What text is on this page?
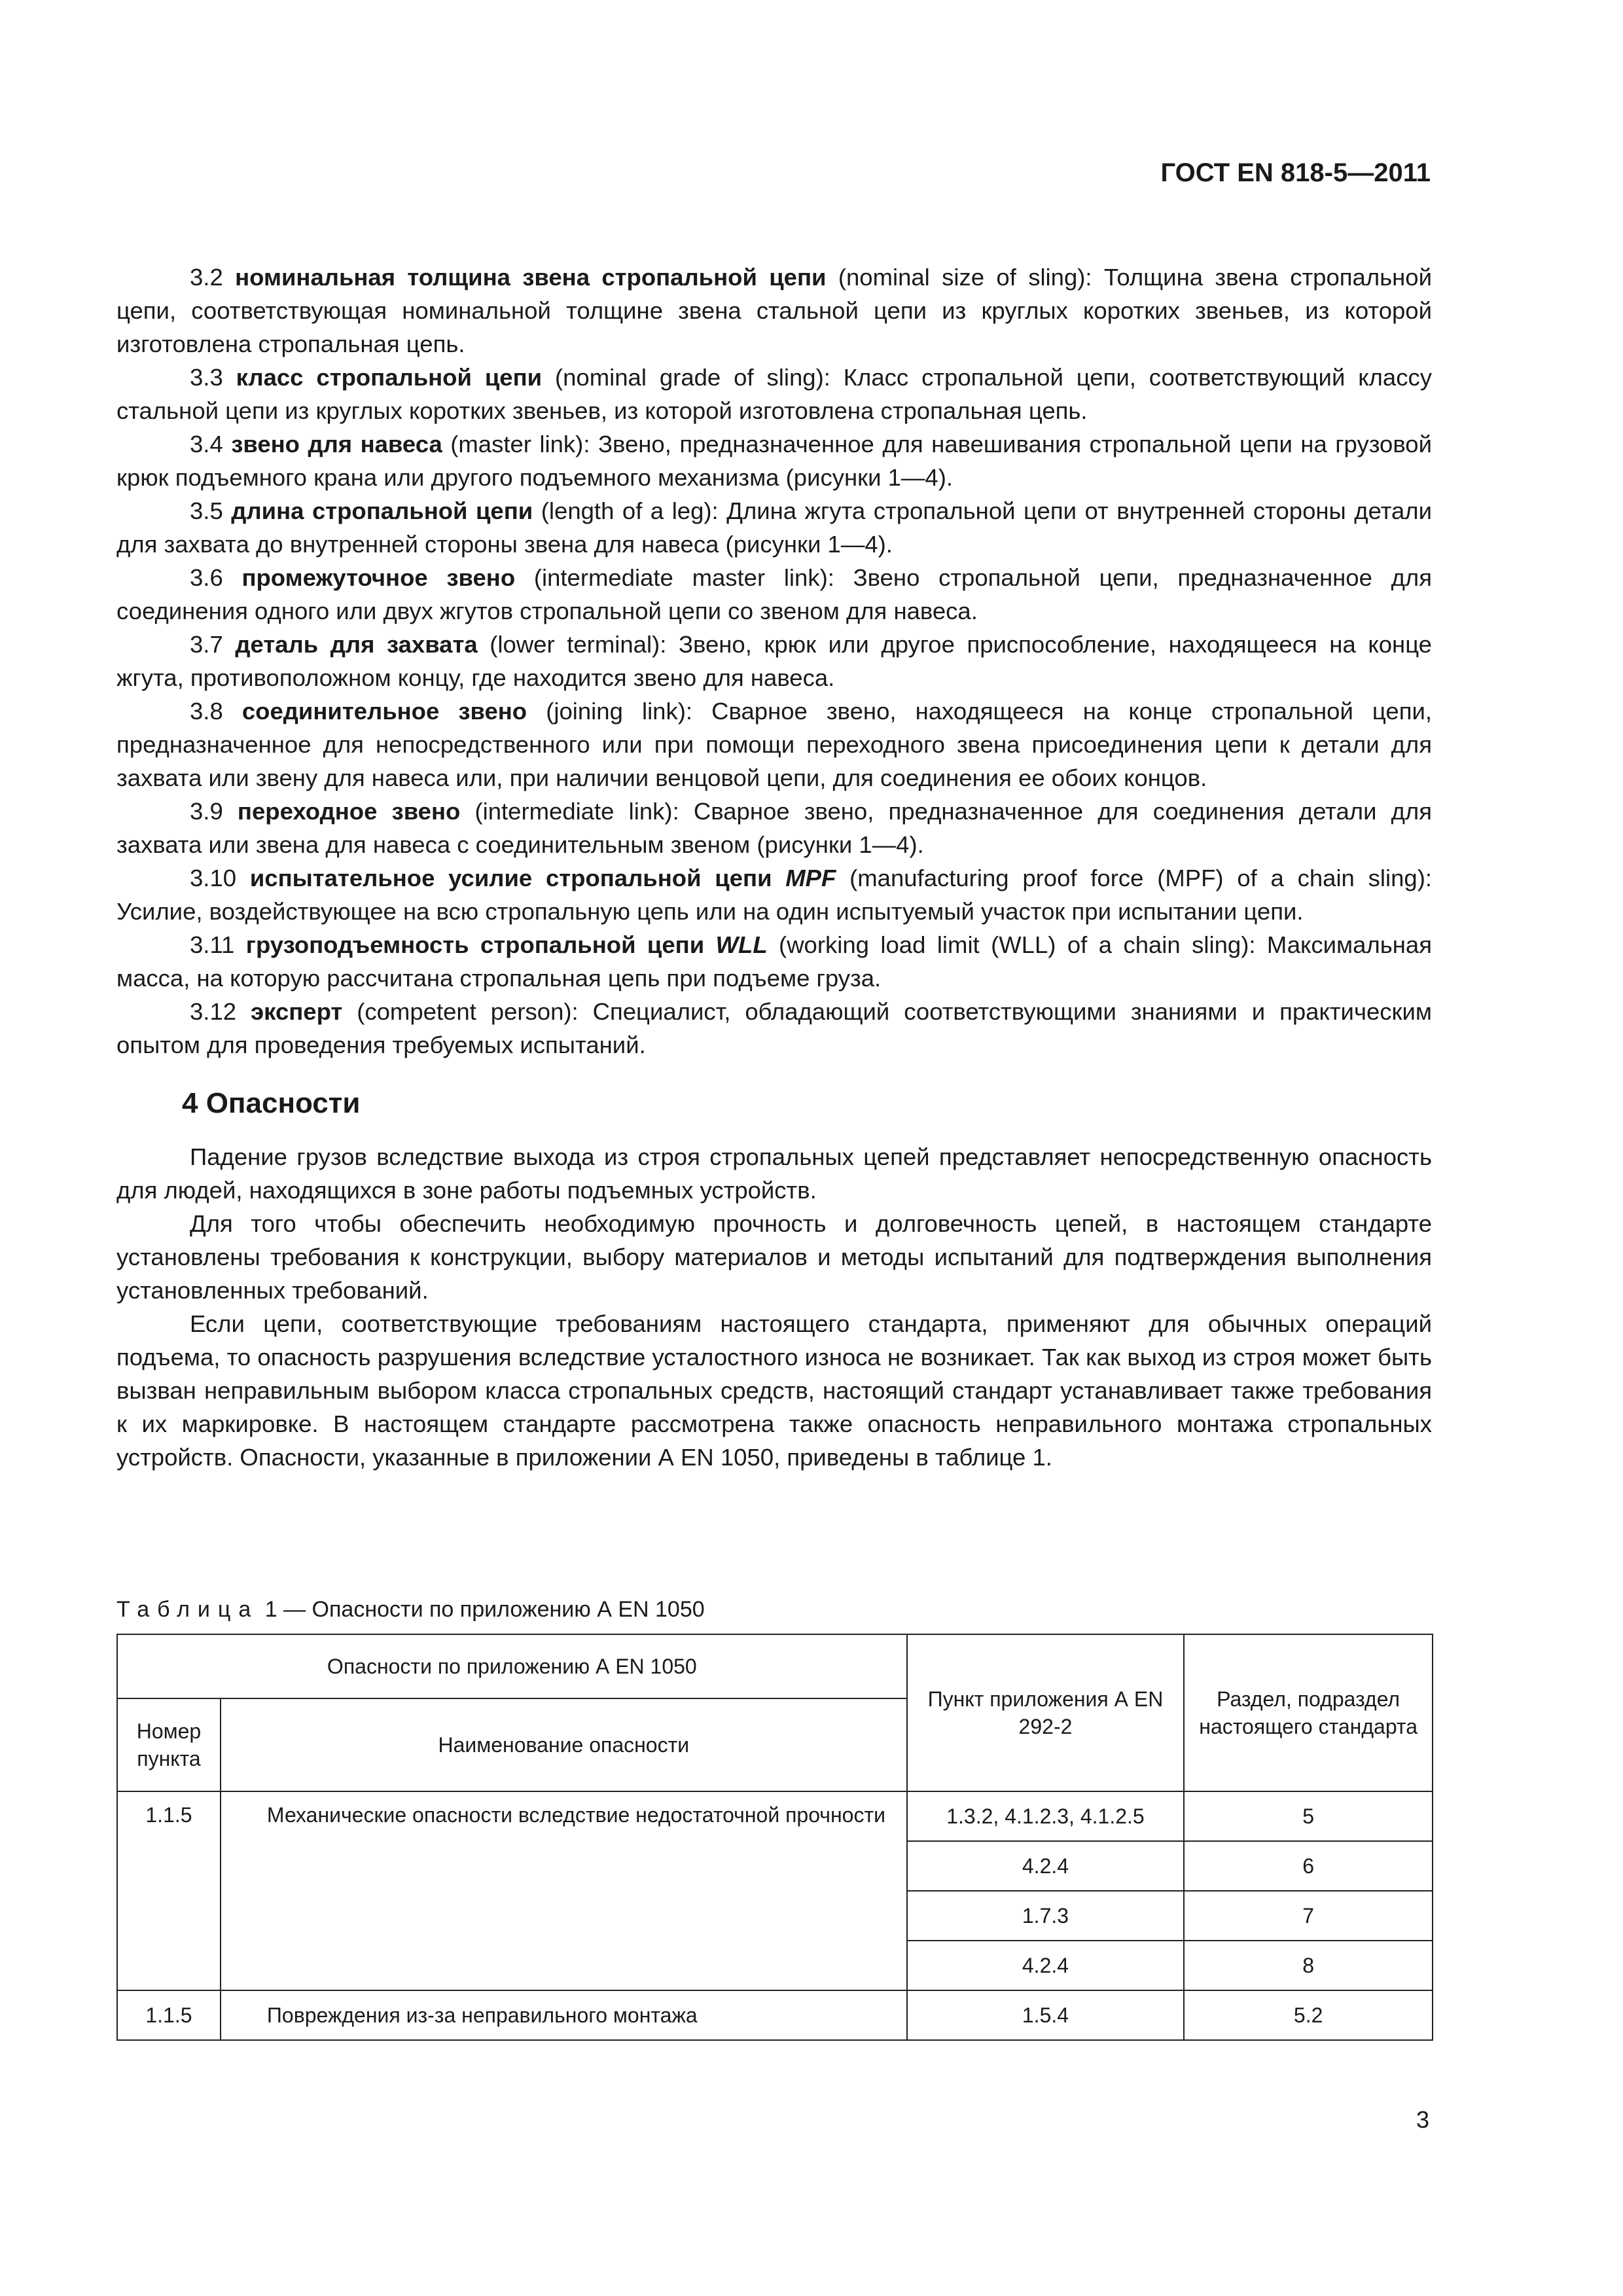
ГОСТ EN 818-5—2011

3.2 номинальная толщина звена стропальной цепи (nominal size of sling): Толщина звена стропальной цепи, соответствующая номинальной толщине звена стальной цепи из круглых коротких звеньев, из которой изготовлена стропальная цепь.

3.3 класс стропальной цепи (nominal grade of sling): Класс стропальной цепи, соответствующий классу стальной цепи из круглых коротких звеньев, из которой изготовлена стропальная цепь.

3.4 звено для навеса (master link): Звено, предназначенное для навешивания стропальной цепи на грузовой крюк подъемного крана или другого подъемного механизма (рисунки 1—4).

3.5 длина стропальной цепи (length of a leg): Длина жгута стропальной цепи от внутренней стороны детали для захвата до внутренней стороны звена для навеса (рисунки 1—4).

3.6 промежуточное звено (intermediate master link): Звено стропальной цепи, предназначенное для соединения одного или двух жгутов стропальной цепи со звеном для навеса.

3.7 деталь для захвата (lower terminal): Звено, крюк или другое приспособление, находящееся на конце жгута, противоположном концу, где находится звено для навеса.

3.8 соединительное звено (joining link): Сварное звено, находящееся на конце стропальной цепи, предназначенное для непосредственного или при помощи переходного звена присоединения цепи к детали для захвата или звену для навеса или, при наличии венцовой цепи, для соединения ее обоих концов.

3.9 переходное звено (intermediate link): Сварное звено, предназначенное для соединения детали для захвата или звена для навеса с соединительным звеном (рисунки 1—4).

3.10 испытательное усилие стропальной цепи MPF (manufacturing proof force (MPF) of a chain sling): Усилие, воздействующее на всю стропальную цепь или на один испытуемый участок при испытании цепи.

3.11 грузоподъемность стропальной цепи WLL (working load limit (WLL) of a chain sling): Максимальная масса, на которую рассчитана стропальная цепь при подъеме груза.

3.12 эксперт (competent person): Специалист, обладающий соответствующими знаниями и практическим опытом для проведения требуемых испытаний.

4 Опасности

Падение грузов вследствие выхода из строя стропальных цепей представляет непосредственную опасность для людей, находящихся в зоне работы подъемных устройств.

Для того чтобы обеспечить необходимую прочность и долговечность цепей, в настоящем стандарте установлены требования к конструкции, выбору материалов и методы испытаний для подтверждения выполнения установленных требований.

Если цепи, соответствующие требованиям настоящего стандарта, применяют для обычных операций подъема, то опасность разрушения вследствие усталостного износа не возникает. Так как выход из строя может быть вызван неправильным выбором класса стропальных средств, настоящий стандарт устанавливает также требования к их маркировке. В настоящем стандарте рассмотрена также опасность неправильного монтажа стропальных устройств. Опасности, указанные в приложении А EN 1050, приведены в таблице 1.

Таблица 1 — Опасности по приложению А EN 1050
Опасности по приложению А EN 1050		Пункт приложения А EN 292-2	Раздел, подраздел настоящего стандарта
Номер пункта	Наименование опасности		
1.1.5	Механические опасности вследствие недостаточной прочности	1.3.2, 4.1.2.3, 4.1.2.5	5
		4.2.4	6
		1.7.3	7
		4.2.4	8
1.1.5	Повреждения из-за неправильного монтажа	1.5.4	5.2
3
